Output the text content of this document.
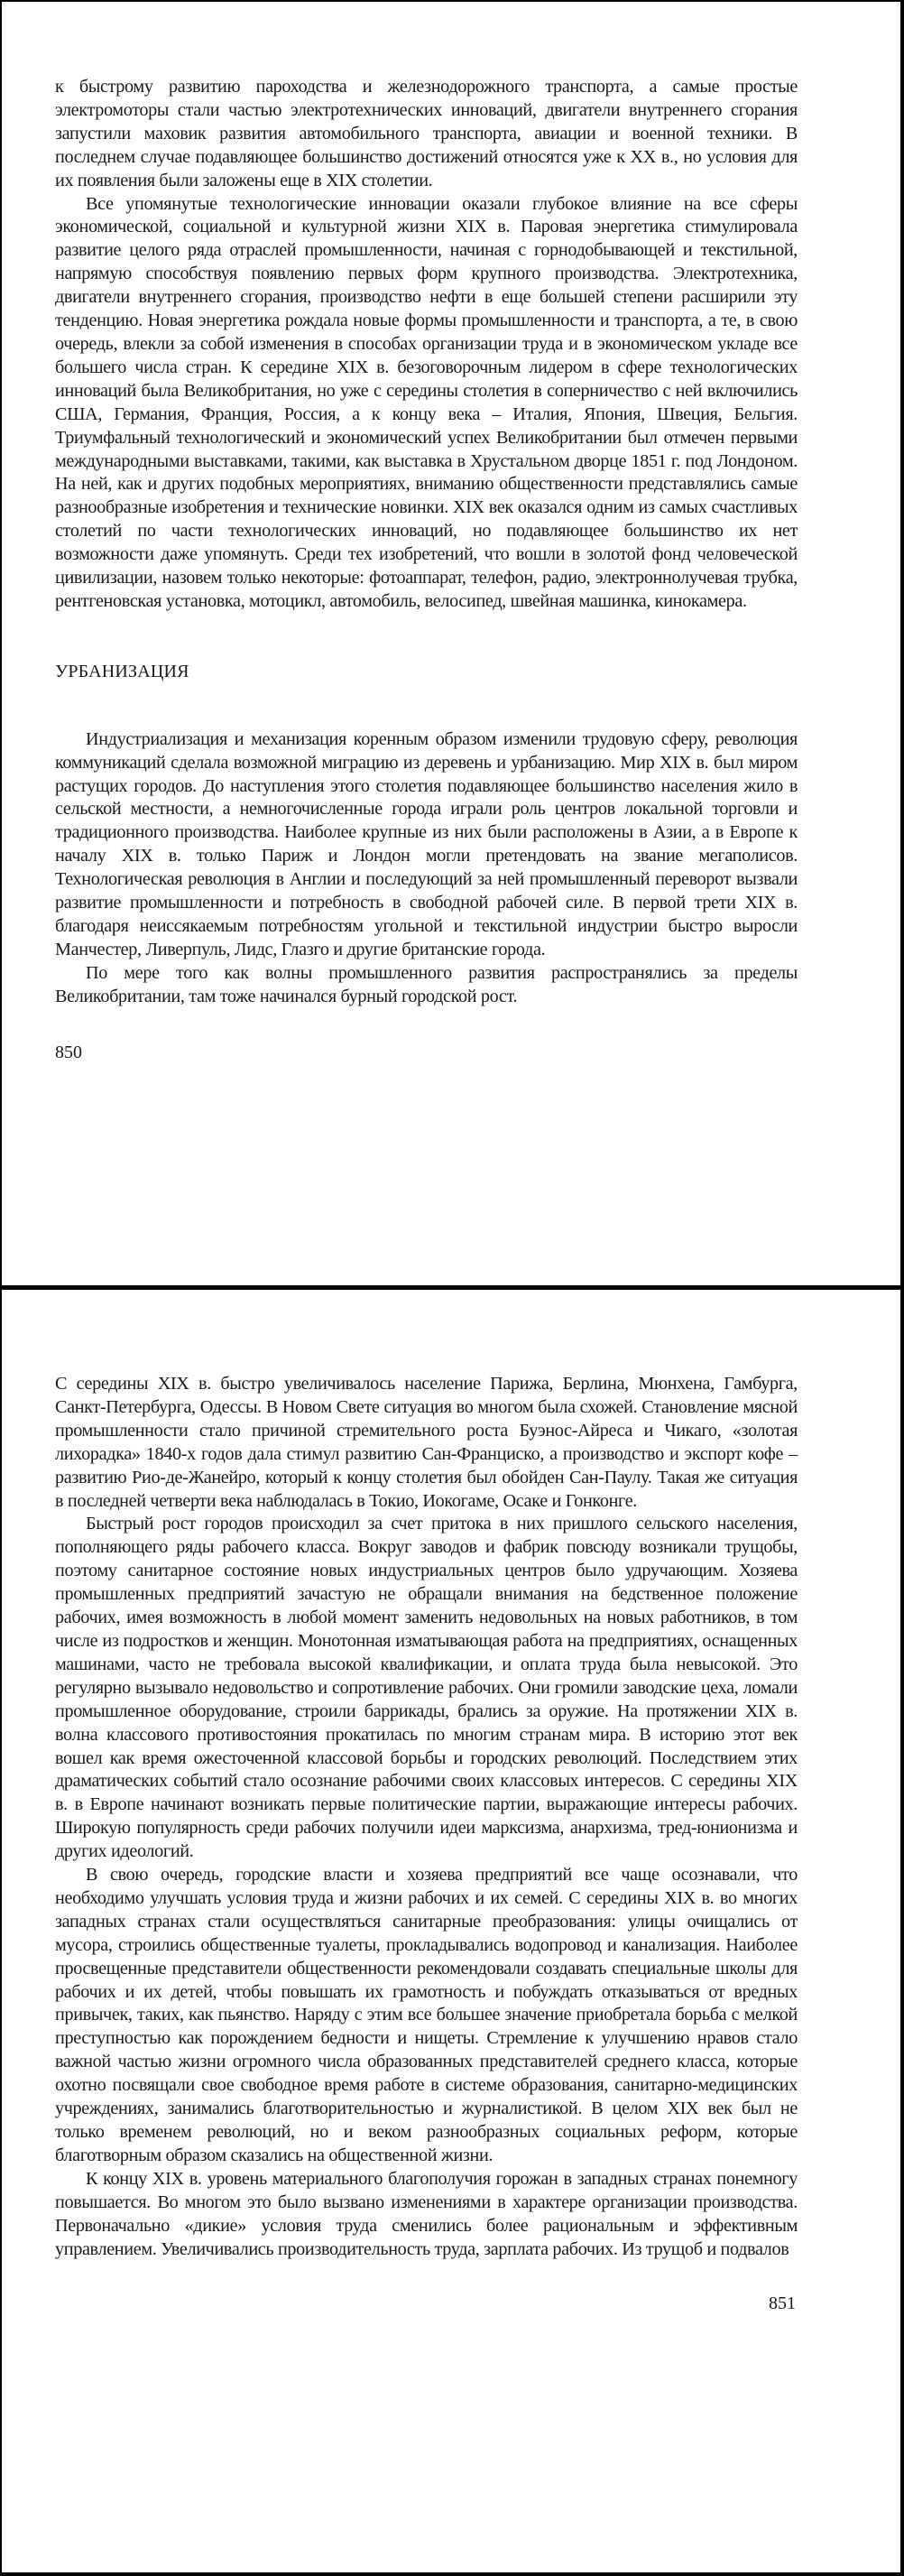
к быстрому развитию пароходства и железнодорожного транспорта, а самые простые электромоторы стали частью электротехнических инноваций, двигатели внутреннего сгорания запустили маховик развития автомобильного транспорта, авиации и военной техники. В последнем случае подавляющее большинство достижений относятся уже к XX в., но условия для их появления были заложены еще в XIX столетии.

Все упомянутые технологические инновации оказали глубокое влияние на все сферы экономической, социальной и культурной жизни XIX в. Паровая энергетика стимулировала развитие целого ряда отраслей промышленности, начиная с горнодобывающей и текстильной, напрямую способствуя появлению первых форм крупного производства. Электротехника, двигатели внутреннего сгорания, производство нефти в еще большей степени расширили эту тенденцию. Новая энергетика рождала новые формы промышленности и транспорта, а те, в свою очередь, влекли за собой изменения в способах организации труда и в экономическом укладе все большего числа стран. К середине XIX в. безоговорочным лидером в сфере технологических инноваций была Великобритания, но уже с середины столетия в соперничество с ней включились США, Германия, Франция, Россия, а к концу века – Италия, Япония, Швеция, Бельгия. Триумфальный технологический и экономический успех Великобритании был отмечен первыми международными выставками, такими, как выставка в Хрустальном дворце 1851 г. под Лондоном. На ней, как и других подобных мероприятиях, вниманию общественности представлялись самые разнообразные изобретения и технические новинки. XIX век оказался одним из самых счастливых столетий по части технологических инноваций, но подавляющее большинство их нет возможности даже упомянуть. Среди тех изобретений, что вошли в золотой фонд человеческой цивилизации, назовем только некоторые: фотоаппарат, телефон, радио, электроннолучевая трубка, рентгеновская установка, мотоцикл, автомобиль, велосипед, швейная машинка, кинокамера.

УРБАНИЗАЦИЯ

Индустриализация и механизация коренным образом изменили трудовую сферу, революция коммуникаций сделала возможной миграцию из деревень и урбанизацию. Мир XIX в. был миром растущих городов. До наступления этого столетия подавляющее большинство населения жило в сельской местности, а немногочисленные города играли роль центров локальной торговли и традиционного производства. Наиболее крупные из них были расположены в Азии, а в Европе к началу XIX в. только Париж и Лондон могли претендовать на звание мегаполисов. Технологическая революция в Англии и последующий за ней промышленный переворот вызвали развитие промышленности и потребность в свободной рабочей силе. В первой трети XIX в. благодаря неиссякаемым потребностям угольной и текстильной индустрии быстро выросли Манчестер, Ливерпуль, Лидс, Глазго и другие британские города.

По мере того как волны промышленного развития распространялись за пределы Великобритании, там тоже начинался бурный городской рост.

850

С середины XIX в. быстро увеличивалось население Парижа, Берлина, Мюнхена, Гамбурга, Санкт-Петербурга, Одессы. В Новом Свете ситуация во многом была схожей. Становление мясной промышленности стало причиной стремительного роста Буэнос-Айреса и Чикаго, «золотая лихорадка» 1840-х годов дала стимул развитию Сан-Франциско, а производство и экспорт кофе – развитию Рио-де-Жанейро, который к концу столетия был обойден Сан-Паулу. Такая же ситуация в последней четверти века наблюдалась в Токио, Иокогаме, Осаке и Гонконге.

Быстрый рост городов происходил за счет притока в них пришлого сельского населения, пополняющего ряды рабочего класса. Вокруг заводов и фабрик повсюду возникали трущобы, поэтому санитарное состояние новых индустриальных центров было удручающим. Хозяева промышленных предприятий зачастую не обращали внимания на бедственное положение рабочих, имея возможность в любой момент заменить недовольных на новых работников, в том числе из подростков и женщин. Монотонная изматывающая работа на предприятиях, оснащенных машинами, часто не требовала высокой квалификации, и оплата труда была невысокой. Это регулярно вызывало недовольство и сопротивление рабочих. Они громили заводские цеха, ломали промышленное оборудование, строили баррикады, брались за оружие. На протяжении XIX в. волна классового противостояния прокатилась по многим странам мира. В историю этот век вошел как время ожесточенной классовой борьбы и городских революций. Последствием этих драматических событий стало осознание рабочими своих классовых интересов. С середины XIX в. в Европе начинают возникать первые политические партии, выражающие интересы рабочих. Широкую популярность среди рабочих получили идеи марксизма, анархизма, тред-юнионизма и других идеологий.

В свою очередь, городские власти и хозяева предприятий все чаще осознавали, что необходимо улучшать условия труда и жизни рабочих и их семей. С середины XIX в. во многих западных странах стали осуществляться санитарные преобразования: улицы очищались от мусора, строились общественные туалеты, прокладывались водопровод и канализация. Наиболее просвещенные представители общественности рекомендовали создавать специальные школы для рабочих и их детей, чтобы повышать их грамотность и побуждать отказываться от вредных привычек, таких, как пьянство. Наряду с этим все большее значение приобретала борьба с мелкой преступностью как порождением бедности и нищеты. Стремление к улучшению нравов стало важной частью жизни огромного числа образованных представителей среднего класса, которые охотно посвящали свое свободное время работе в системе образования, санитарно-медицинских учреждениях, занимались благотворительностью и журналистикой. В целом XIX век был не только временем революций, но и веком разнообразных социальных реформ, которые благотворным образом сказались на общественной жизни.

К концу XIX в. уровень материального благополучия горожан в западных странах понемногу повышается. Во многом это было вызвано изменениями в характере организации производства. Первоначально «дикие» условия труда сменились более рациональным и эффективным управлением. Увеличивались производительность труда, зарплата рабочих. Из трущоб и подвалов

851
